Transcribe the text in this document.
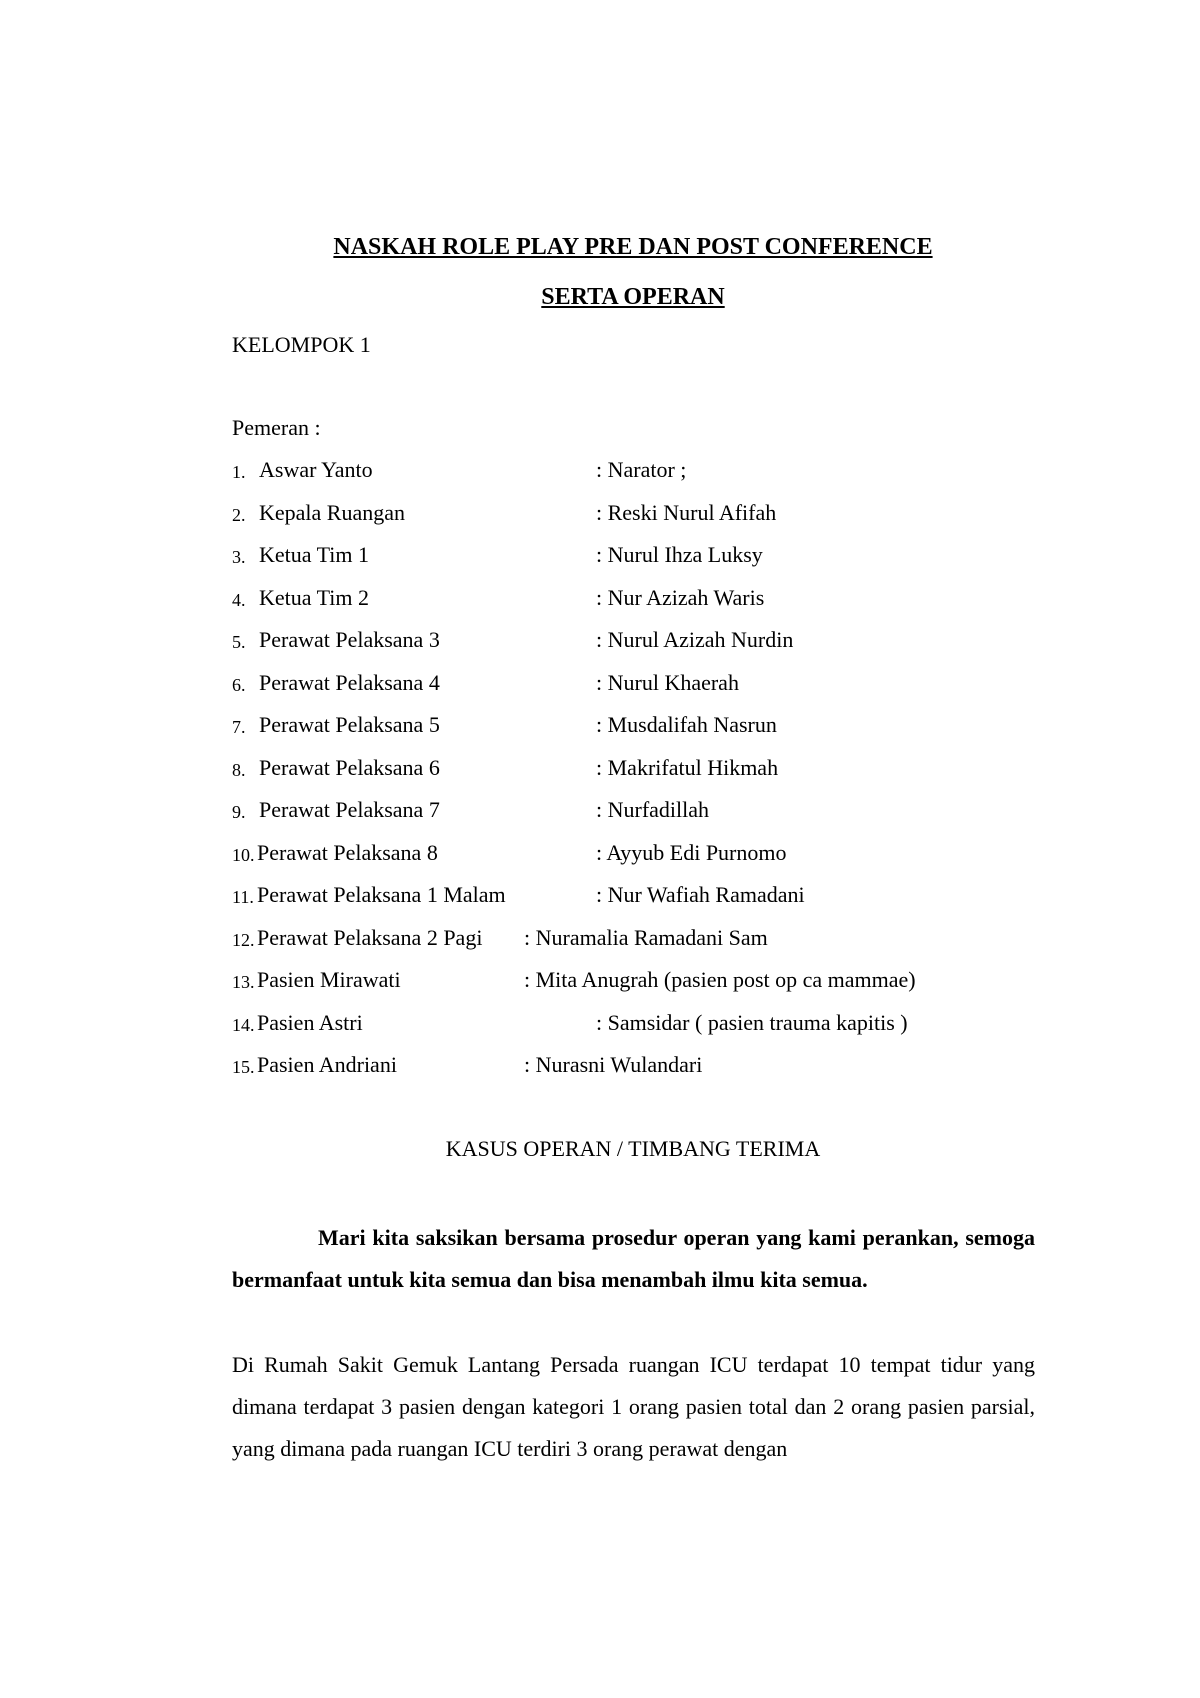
NASKAH ROLE PLAY PRE DAN POST CONFERENCE
SERTA OPERAN

KELOMPOK 1

Pemeran :

1. Aswar Yanto	: Narator ;
2. Kepala Ruangan	: Reski Nurul Afifah
3. Ketua Tim 1	: Nurul Ihza Luksy
4. Ketua Tim 2	: Nur Azizah Waris
5. Perawat Pelaksana 3	: Nurul Azizah Nurdin
6. Perawat Pelaksana 4	: Nurul Khaerah
7. Perawat Pelaksana 5	: Musdalifah Nasrun
8. Perawat Pelaksana 6	: Makrifatul Hikmah
9. Perawat Pelaksana 7	: Nurfadillah
10. Perawat Pelaksana 8	: Ayyub Edi Purnomo
11. Perawat Pelaksana 1 Malam	: Nur Wafiah Ramadani
12. Perawat Pelaksana 2 Pagi : Nuramalia Ramadani Sam
13. Pasien Mirawati	: Mita Anugrah (pasien post op ca mammae)
14. Pasien Astri	: Samsidar ( pasien trauma kapitis )
15. Pasien Andriani	: Nurasni Wulandari

KASUS OPERAN / TIMBANG TERIMA

Mari kita saksikan bersama prosedur operan yang kami perankan, semoga bermanfaat untuk kita semua dan bisa menambah ilmu kita semua.

Di Rumah Sakit Gemuk Lantang Persada ruangan ICU terdapat 10 tempat tidur yang dimana terdapat 3 pasien dengan kategori 1 orang pasien total dan 2 orang pasien parsial, yang dimana pada ruangan ICU terdiri 3 orang perawat dengan
